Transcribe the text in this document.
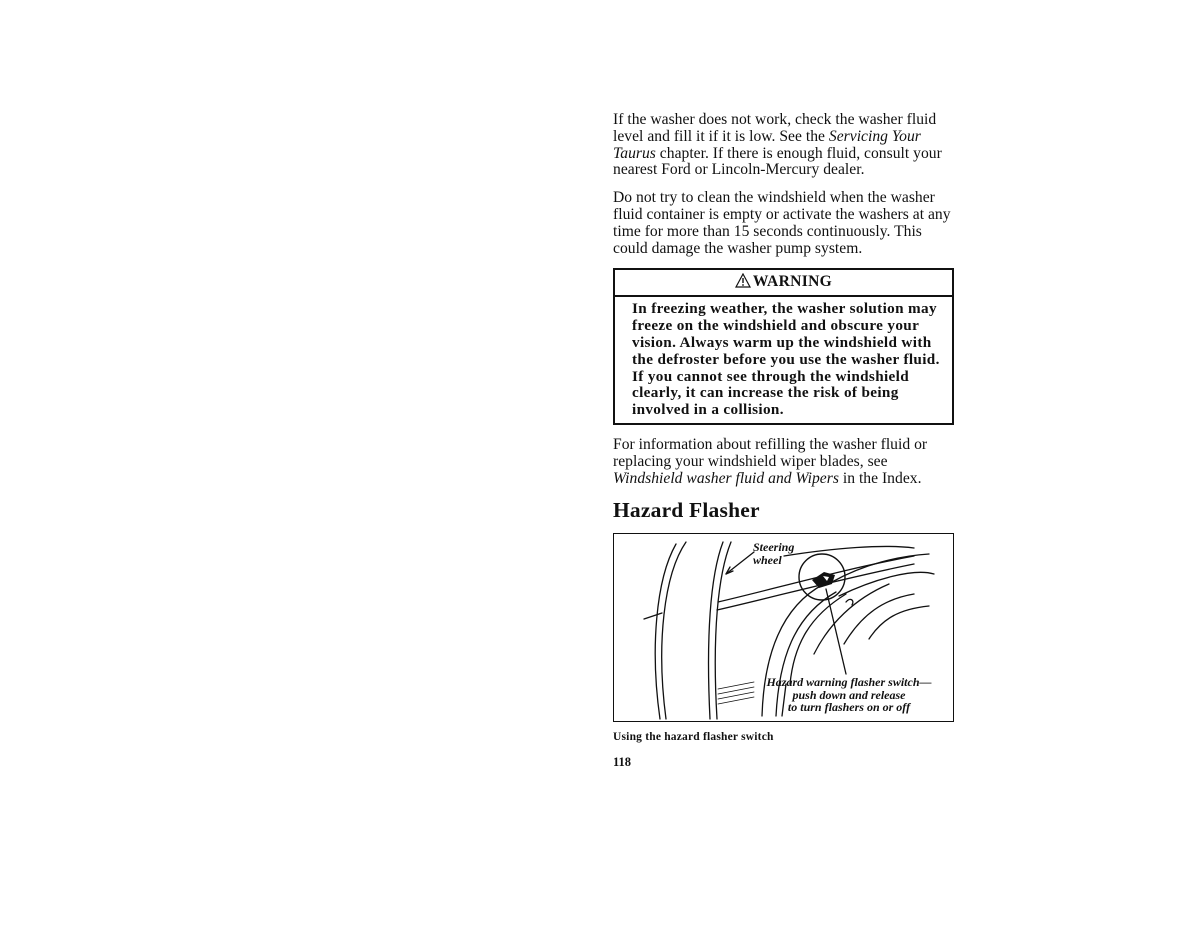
If the washer does not work, check the washer fluid level and fill it if it is low. See the Servicing Your Taurus chapter. If there is enough fluid, consult your nearest Ford or Lincoln-Mercury dealer.

Do not try to clean the windshield when the washer fluid container is empty or activate the washers at any time for more than 15 seconds continuously. This could damage the washer pump system.

WARNING
In freezing weather, the washer solution may freeze on the windshield and obscure your vision. Always warm up the windshield with the defroster before you use the washer fluid. If you cannot see through the windshield clearly, it can increase the risk of being involved in a collision.

For information about refilling the washer fluid or replacing your windshield wiper blades, see Windshield washer fluid and Wipers in the Index.

Hazard Flasher
Steering
wheel
Hazard warning flasher switch—
push down and release
to turn flashers on or off
Using the hazard flasher switch
118
